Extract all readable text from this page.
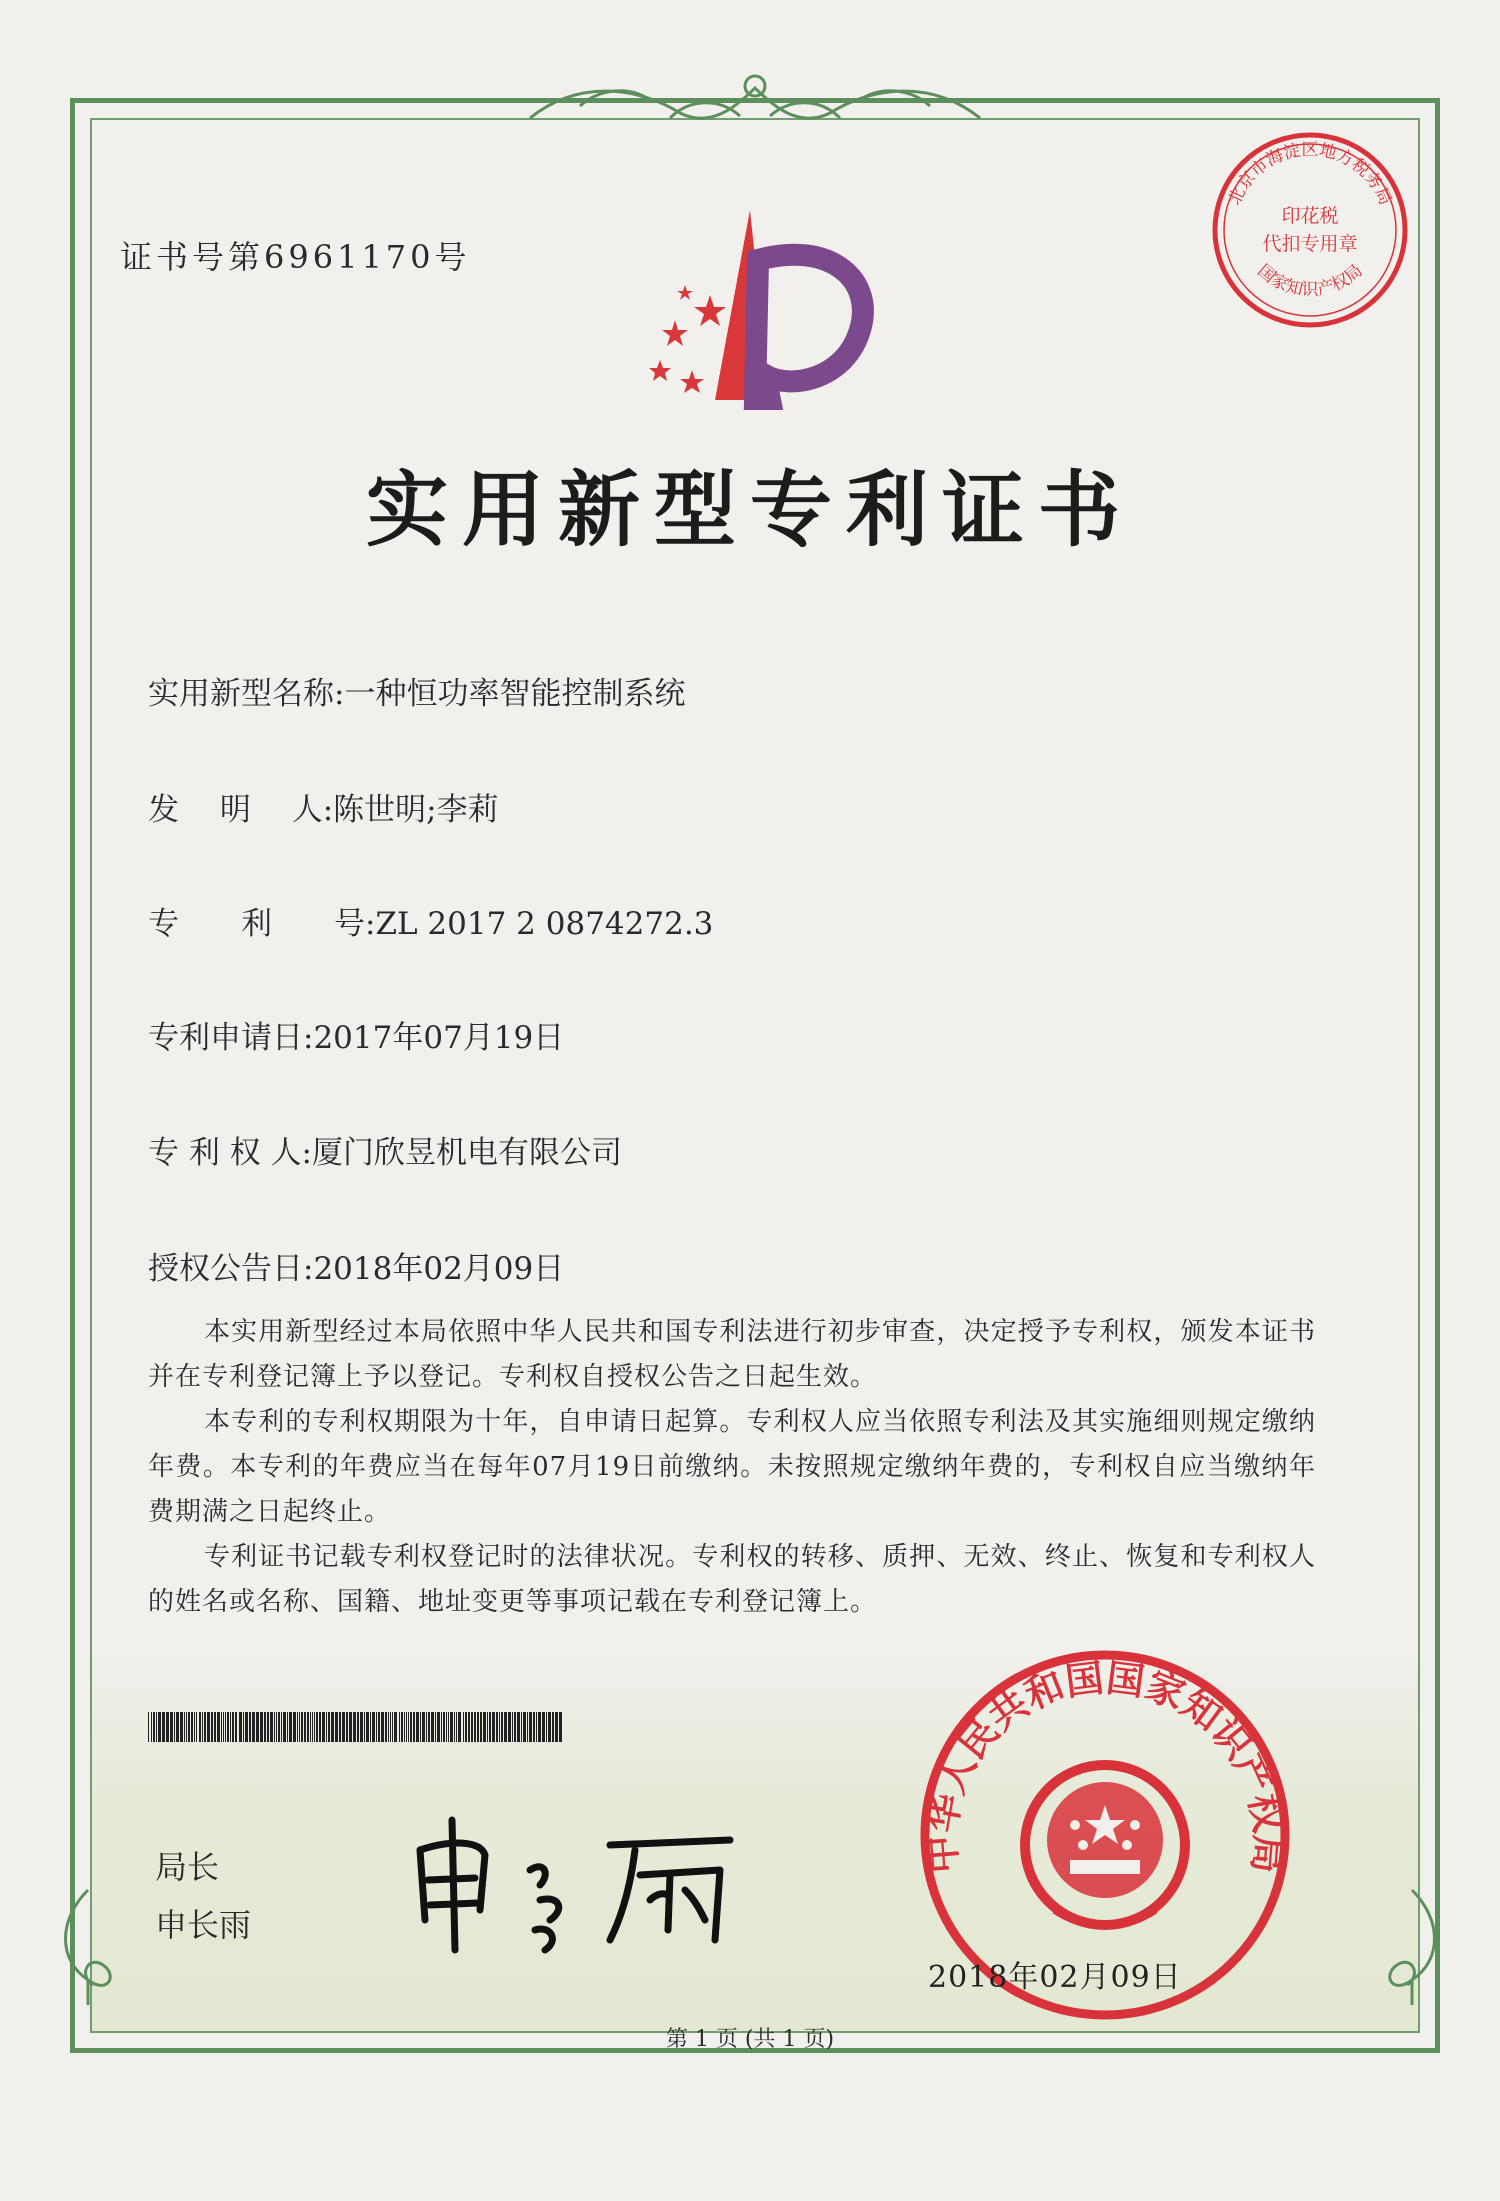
证书号第6961170号
北京市海淀区地方税务局
国家知识产权局
印花税
代扣专用章
实用新型专利证书
实用新型名称:一种恒功率智能控制系统
发　 明　 人:陈世明;李莉
专　　利　　号:ZL 2017 2 0874272.3
专利申请日:2017年07月19日
专 利 权 人:厦门欣昱机电有限公司
授权公告日:2018年02月09日

本实用新型经过本局依照中华人民共和国专利法进行初步审查，决定授予专利权，颁发本证书并在专利登记簿上予以登记。专利权自授权公告之日起生效。

本专利的专利权期限为十年，自申请日起算。专利权人应当依照专利法及其实施细则规定缴纳年费。本专利的年费应当在每年07月19日前缴纳。未按照规定缴纳年费的，专利权自应当缴纳年费期满之日起终止。

专利证书记载专利权登记时的法律状况。专利权的转移、质押、无效、终止、恢复和专利权人的姓名或名称、国籍、地址变更等事项记载在专利登记簿上。

局长
申长雨
中华人民共和国国家知识产权局
2018年02月09日
第 1 页 (共 1 页)
